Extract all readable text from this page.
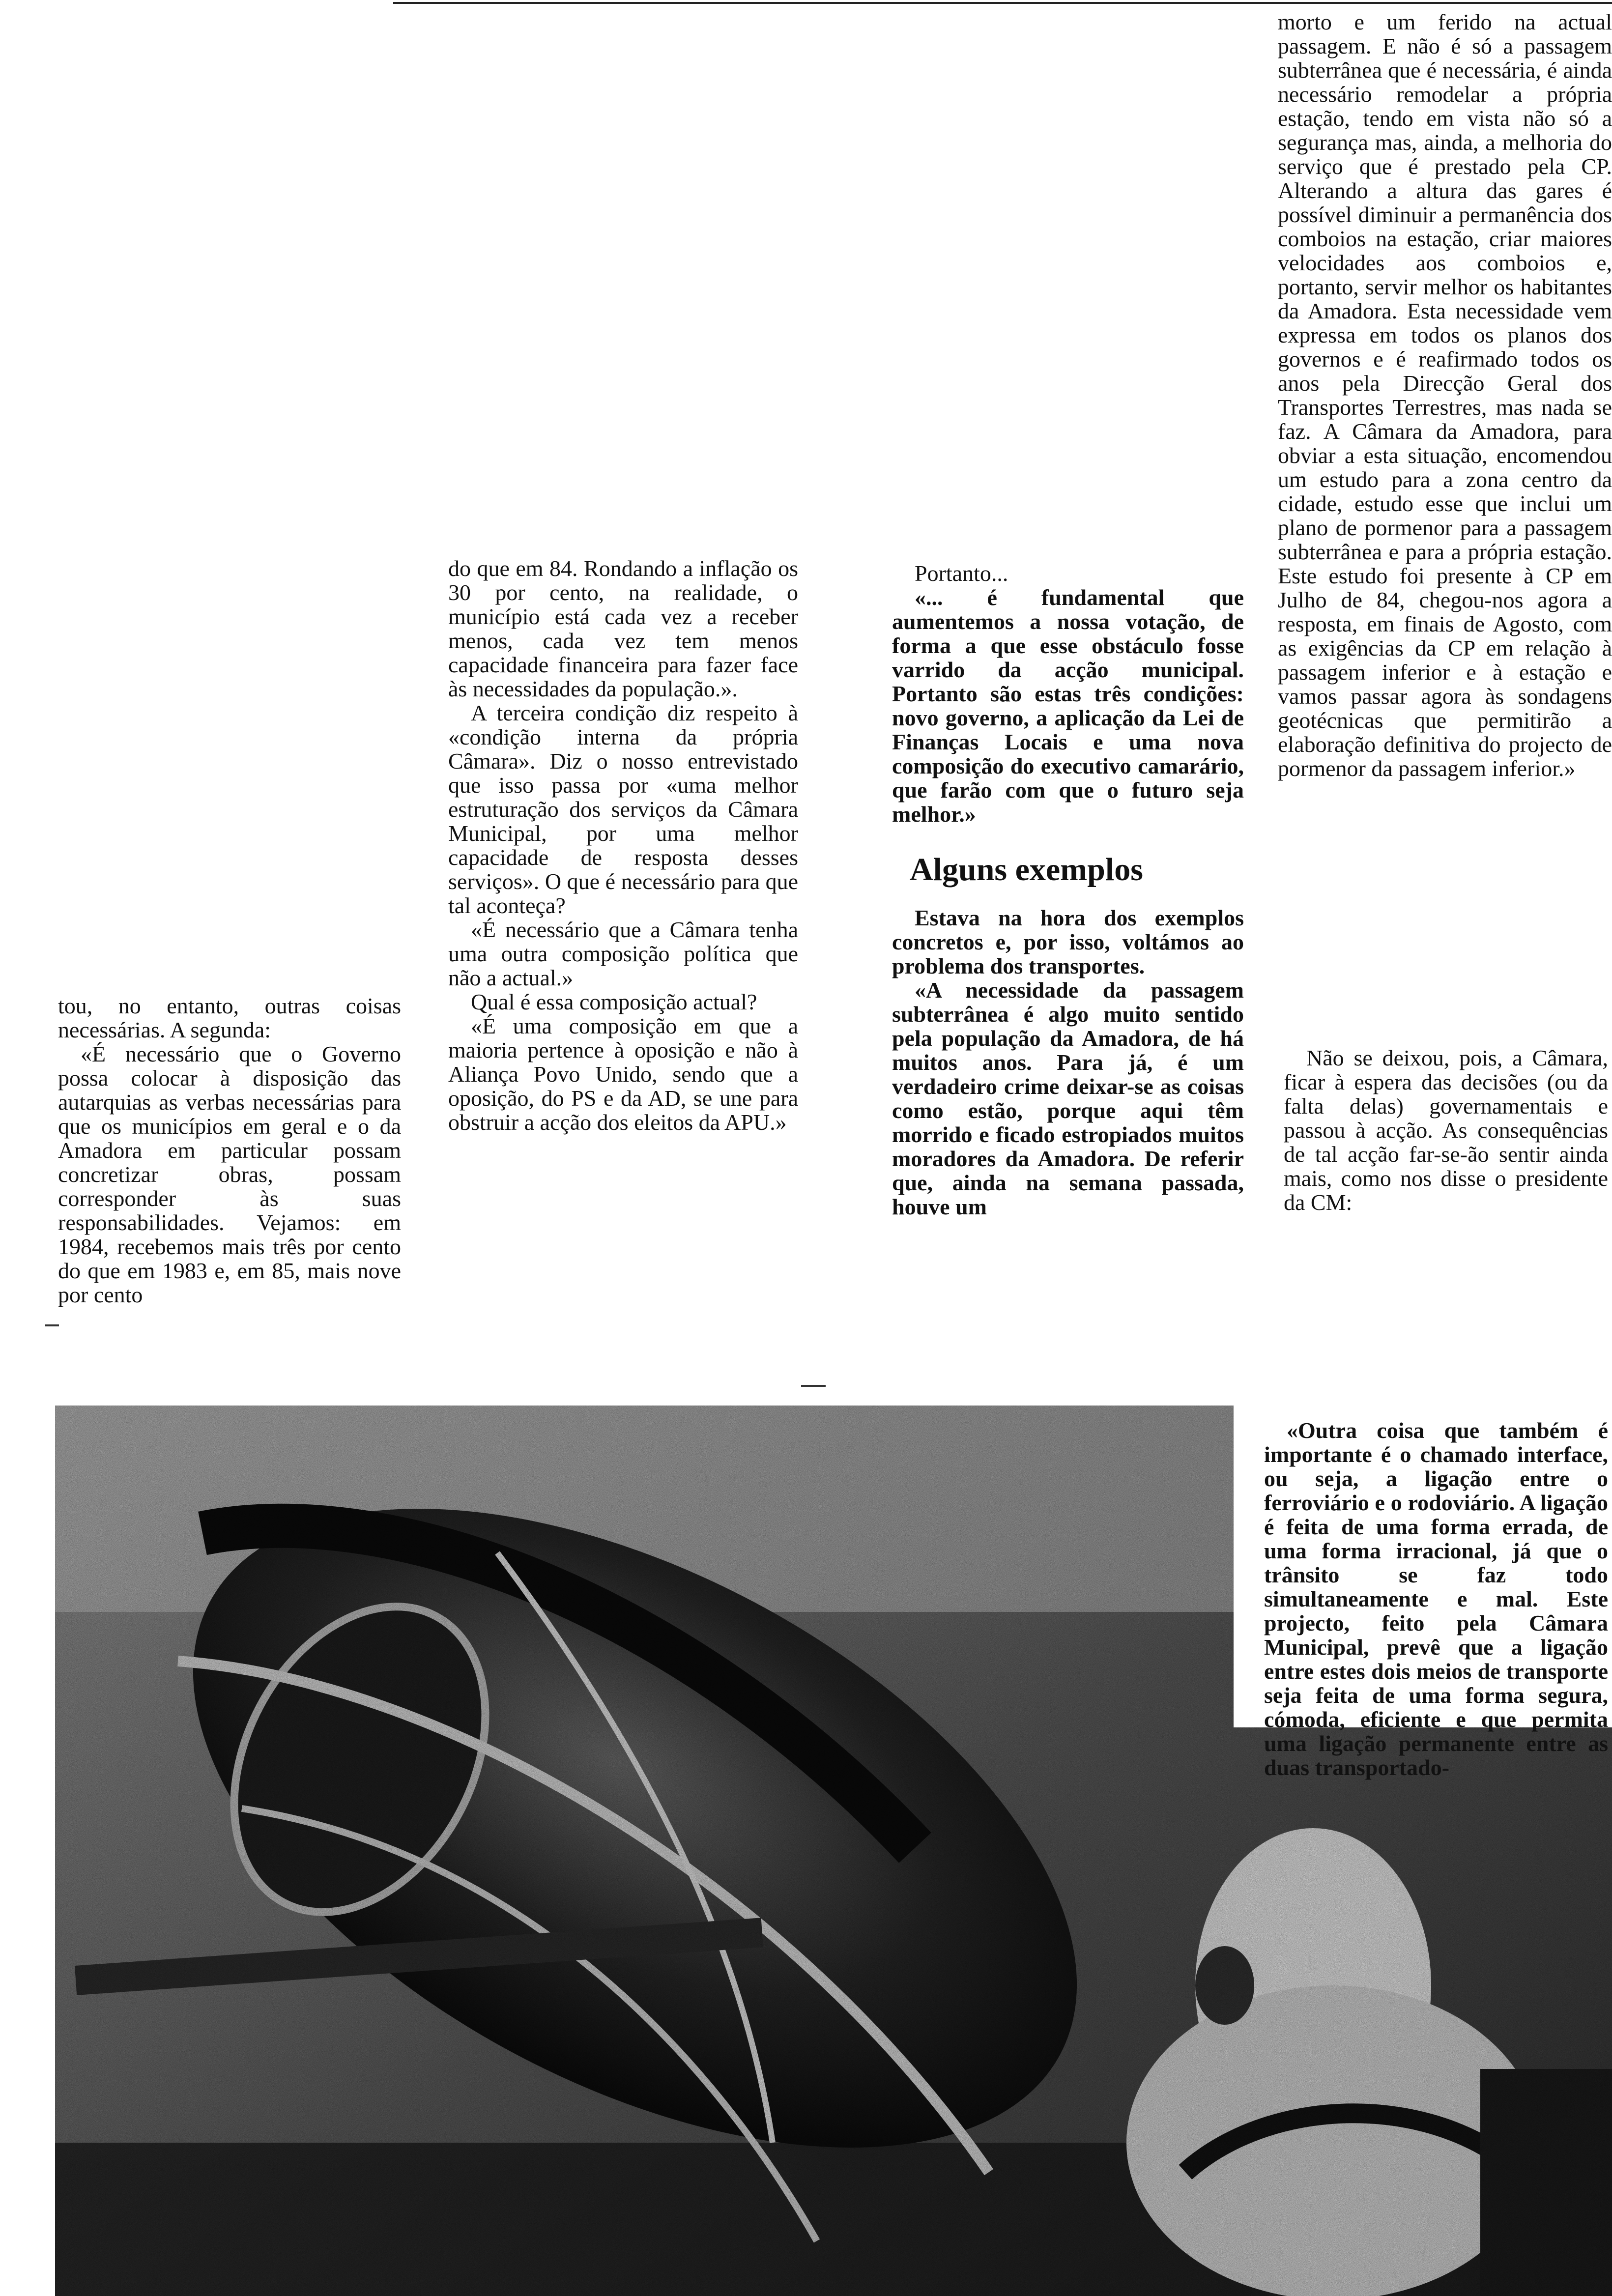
tou, no entanto, outras coisas necessárias. A segunda:

«É necessário que o Governo possa colocar à disposição das autarquias as verbas necessárias para que os municípios em geral e o da Amadora em particular possam concretizar obras, possam corresponder às suas responsabilidades. Vejamos: em 1984, recebemos mais três por cento do que em 1983 e, em 85, mais nove por cento

do que em 84. Rondando a inflação os 30 por cento, na realidade, o município está cada vez a receber menos, cada vez tem menos capacidade financeira para fazer face às necessidades da população.».

A terceira condição diz respeito à «condição interna da própria Câmara». Diz o nosso entrevistado que isso passa por «uma melhor estruturação dos serviços da Câmara Municipal, por uma melhor capacidade de resposta desses serviços». O que é necessário para que tal aconteça?

«É necessário que a Câmara tenha uma outra composição política que não a actual.»

Qual é essa composição actual?

«É uma composição em que a maioria pertence à oposição e não à Aliança Povo Unido, sendo que a oposição, do PS e da AD, se une para obstruir a acção dos eleitos da APU.»

Portanto...

«... é fundamental que aumentemos a nossa votação, de forma a que esse obstáculo fosse varrido da acção municipal. Portanto são estas três condições: novo governo, a aplicação da Lei de Finanças Locais e uma nova composição do executivo camarário, que farão com que o futuro seja melhor.»

Alguns exemplos

Estava na hora dos exemplos concretos e, por isso, voltámos ao problema dos transportes.

«A necessidade da passagem subterrânea é algo muito sentido pela população da Amadora, de há muitos anos. Para já, é um verdadeiro crime deixar-se as coisas como estão, porque aqui têm morrido e ficado estropiados muitos moradores da Amadora. De referir que, ainda na semana passada, houve um

morto e um ferido na actual passagem. E não é só a passagem subterrânea que é necessária, é ainda necessário remodelar a própria estação, tendo em vista não só a segurança mas, ainda, a melhoria do serviço que é prestado pela CP. Alterando a altura das gares é possível diminuir a permanência dos comboios na estação, criar maiores velocidades aos comboios e, portanto, servir melhor os habitantes da Amadora. Esta necessidade vem expressa em todos os planos dos governos e é reafirmado todos os anos pela Direcção Geral dos Transportes Terrestres, mas nada se faz. A Câmara da Amadora, para obviar a esta situação, encomendou um estudo para a zona centro da cidade, estudo esse que inclui um plano de pormenor para a passagem subterrânea e para a própria estação. Este estudo foi presente à CP em Julho de 84, chegou-nos agora a resposta, em finais de Agosto, com as exigências da CP em relação à passagem inferior e à estação e vamos passar agora às sondagens geotécnicas que permitirão a elaboração definitiva do projecto de pormenor da passagem inferior.»

Não se deixou, pois, a Câmara, ficar à espera das decisões (ou da falta delas) governamentais e passou à acção. As consequências de tal acção far-se-ão sentir ainda mais, como nos disse o presidente da CM:

«Outra coisa que também é importante é o chamado interface, ou seja, a ligação entre o ferroviário e o rodoviário. A ligação é feita de uma forma errada, de uma forma irracional, já que o trânsito se faz todo simultaneamente e mal. Este projecto, feito pela Câmara Municipal, prevê que a ligação entre estes dois meios de transporte seja feita de uma forma segura, cómoda, eficiente e que permita uma ligação permanente entre as duas transportado-
